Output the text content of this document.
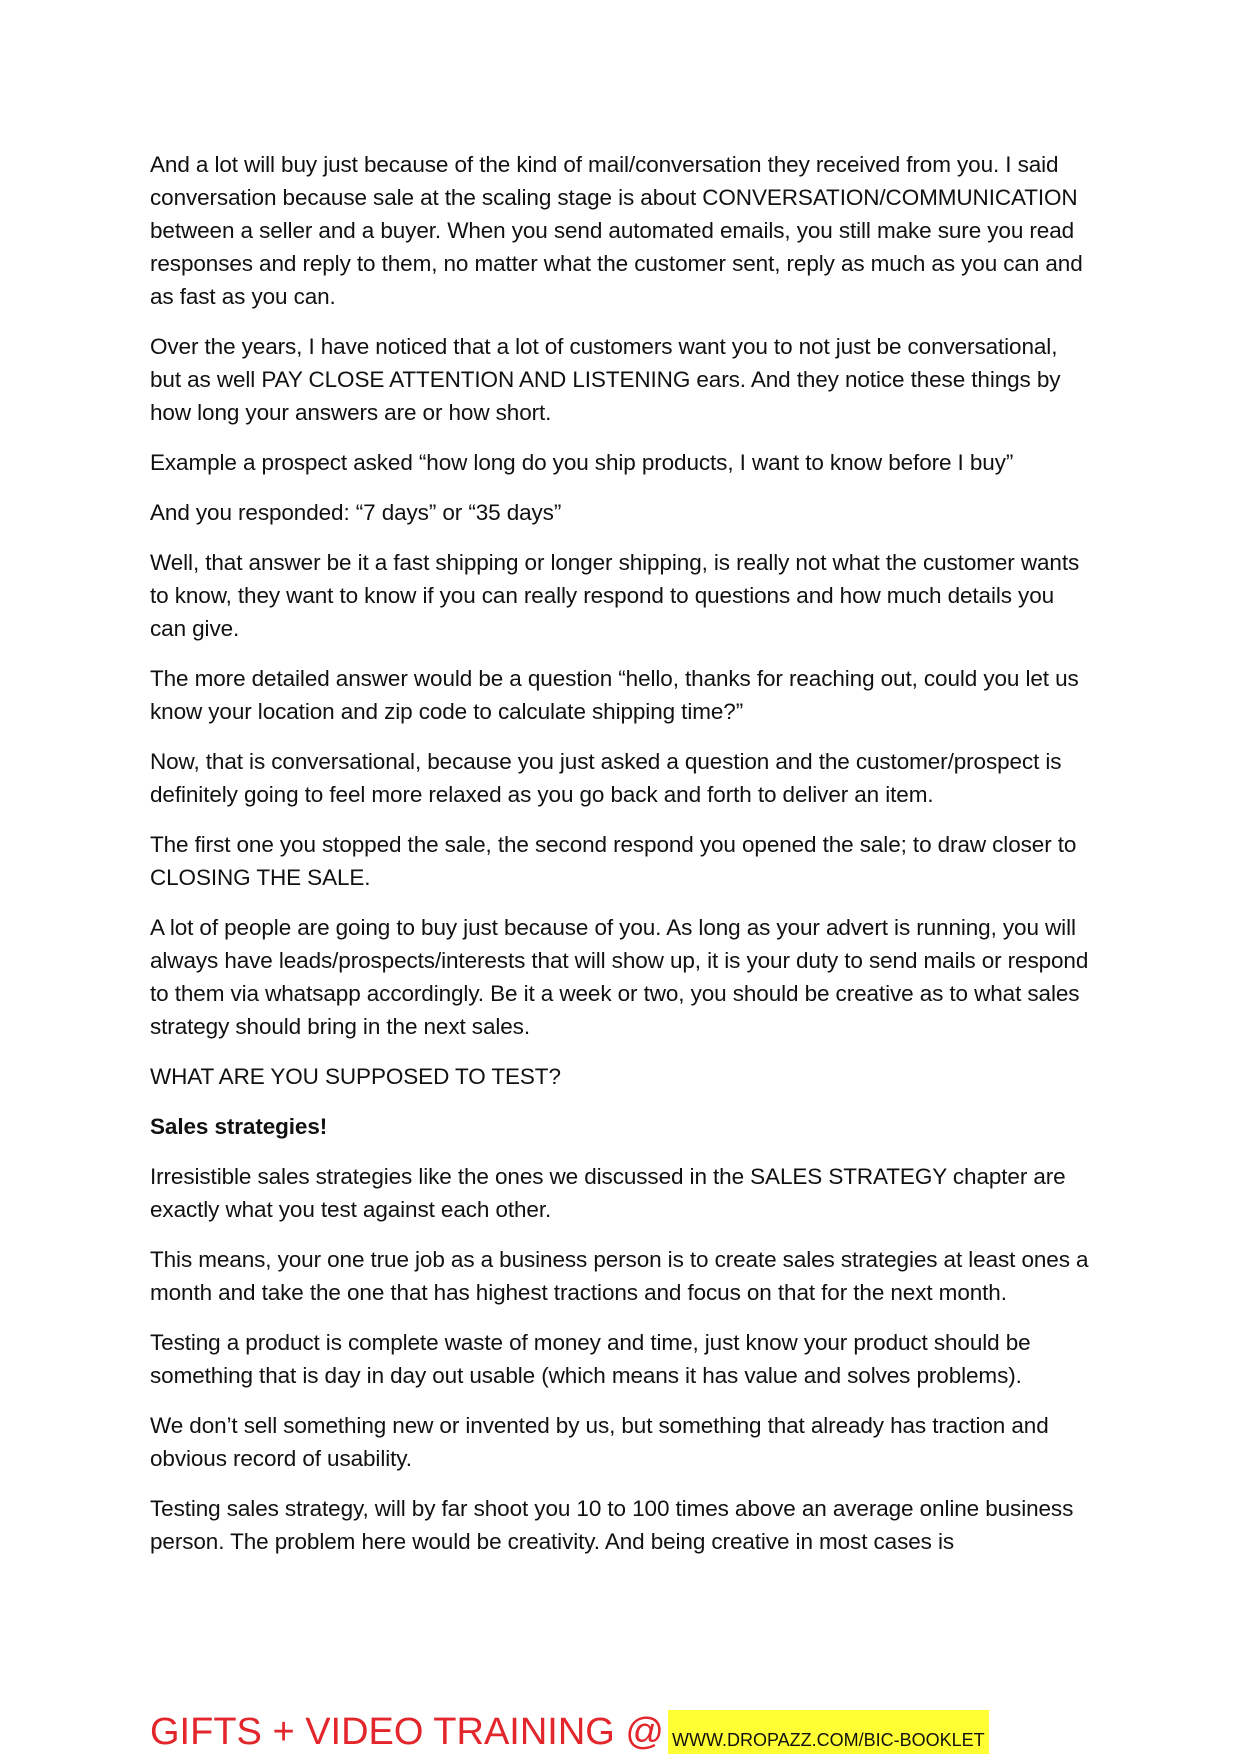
And a lot will buy just because of the kind of mail/conversation they received from you. I said conversation because sale at the scaling stage is about CONVERSATION/COMMUNICATION between a seller and a buyer. When you send automated emails, you still make sure you read responses and reply to them, no matter what the customer sent, reply as much as you can and as fast as you can.

Over the years, I have noticed that a lot of customers want you to not just be conversational, but as well PAY CLOSE ATTENTION AND LISTENING ears. And they notice these things by how long your answers are or how short.

Example a prospect asked “how long do you ship products, I want to know before I buy”

And you responded: “7 days” or “35 days”

Well, that answer be it a fast shipping or longer shipping, is really not what the customer wants to know, they want to know if you can really respond to questions and how much details you can give.

The more detailed answer would be a question “hello, thanks for reaching out, could you let us know your location and zip code to calculate shipping time?”

Now, that is conversational, because you just asked a question and the customer/prospect is definitely going to feel more relaxed as you go back and forth to deliver an item.

The first one you stopped the sale, the second respond you opened the sale; to draw closer to CLOSING THE SALE.

A lot of people are going to buy just because of you. As long as your advert is running, you will always have leads/prospects/interests that will show up, it is your duty to send mails or respond to them via whatsapp accordingly. Be it a week or two, you should be creative as to what sales strategy should bring in the next sales.

WHAT ARE YOU SUPPOSED TO TEST?

Sales strategies!

Irresistible sales strategies like the ones we discussed in the SALES STRATEGY chapter are exactly what you test against each other.

This means, your one true job as a business person is to create sales strategies at least ones a month and take the one that has highest tractions and focus on that for the next month.

Testing a product is complete waste of money and time, just know your product should be something that is day in day out usable (which means it has value and solves problems).

We don’t sell something new or invented by us, but something that already has traction and obvious record of usability.

Testing sales strategy, will by far shoot you 10 to 100 times above an average online business person. The problem here would be creativity. And being creative in most cases is

GIFTS + VIDEO TRAINING @ WWW.DROPAZZ.COM/BIC-BOOKLET
